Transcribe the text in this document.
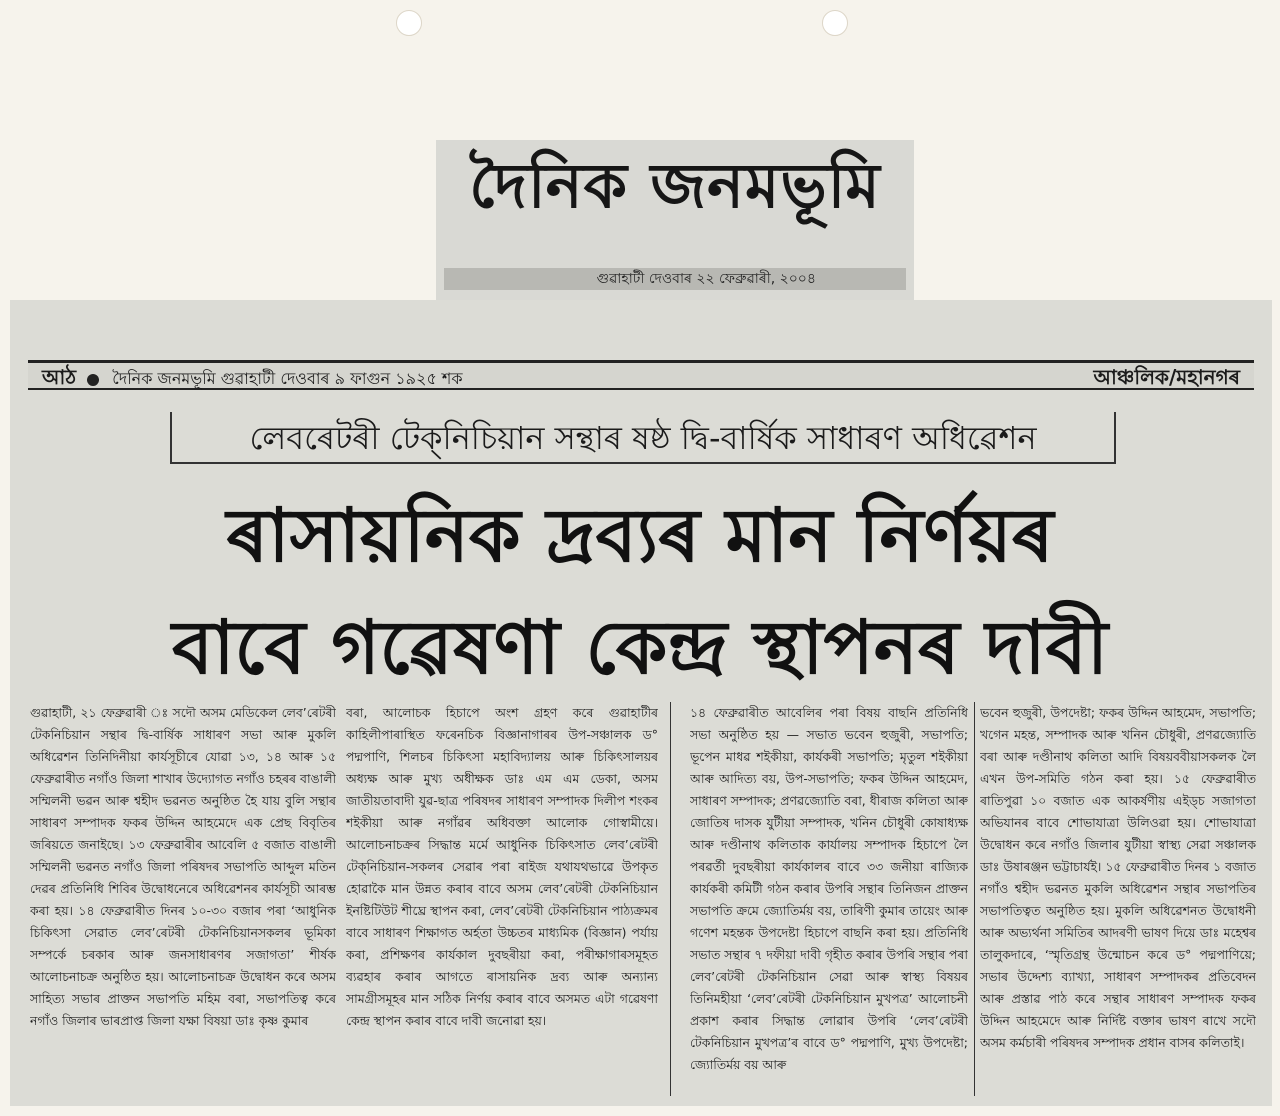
দৈনিক জনমভূমি
গুৱাহাটী দেওবাৰ ২২ ফেব্ৰুৱাৰী, ২০০৪
আঠ দৈনিক জনমভূমি গুৱাহাটী দেওবাৰ ৯ ফাগুন ১৯২৫ শক	আঞ্চলিক/মহানগৰ
লেবৰেটৰী টেক্‌নিচিয়ান সন্থাৰ ষষ্ঠ দ্বি-বাৰ্ষিক সাধাৰণ অধিৱেশন
ৰাসায়নিক দ্ৰব্যৰ মান নিৰ্ণয়ৰ
বাবে গৱেষণা কেন্দ্ৰ স্থাপনৰ দাবী
গুৱাহাটী, ২১ ফেব্ৰুৱাৰী ঃ সদৌ অসম মেডিকেল লেব’ৰেটৰী টেকনিচিয়ান সন্থাৰ দ্বি-বাৰ্ষিক সাধাৰণ সভা আৰু মুকলি অধিৱেশন তিনিদিনীয়া কাৰ্যসূচীৰে যোৱা ১৩, ১৪ আৰু ১৫ ফেব্ৰুৱাৰীত নগাঁও জিলা শাখাৰ উদ্যোগত নগাঁও চহৰৰ বাঙালী সম্মিলনী ভৱন আৰু শ্বহীদ ভৱনত অনুষ্ঠিত হৈ যায় বুলি সন্থাৰ সাধাৰণ সম্পাদক ফকৰ উদ্দিন আহমেদে এক প্ৰেছ বিবৃতিৰ জৰিয়তে জনাইছে। ১৩ ফেব্ৰুৱাৰীৰ আবেলি ৫ বজাত বাঙালী সম্মিলনী ভৱনত নগাঁও জিলা পৰিষদৰ সভাপতি আব্দুল মতিন দেৱৰ প্ৰতিনিধি শিবিৰ উদ্বোধনেৰে অধিৱেশনৰ কাৰ্যসূচী আৰম্ভ কৰা হয়। ১৪ ফেব্ৰুৱাৰীত দিনৰ ১০-৩০ বজাৰ পৰা ‘আধুনিক চিকিৎসা সেৱাত লেব’ৰেটৰী টেকনিচিয়ানসকলৰ ভূমিকা সম্পৰ্কে চৰকাৰ আৰু জনসাধাৰণৰ সজাগতা’ শীৰ্ষক আলোচনাচক্ৰ অনুষ্ঠিত হয়। আলোচনাচক্ৰ উদ্বোধন কৰে অসম সাহিত্য সভাৰ প্ৰাক্তন সভাপতি মহিম বৰা, সভাপতিত্ব কৰে নগাঁও জিলাৰ ভাৰপ্ৰাপ্ত জিলা যক্ষা বিষয়া ডাঃ কৃষ্ণ কুমাৰ
বৰা, আলোচক হিচাপে অংশ গ্ৰহণ কৰে গুৱাহাটীৰ কাহিলীপাৰাস্থিত ফৰেনচিক বিজ্ঞানাগাৰৰ উপ-সঞ্চালক ড° পদ্মপাণি, শিলচৰ চিকিৎসা মহাবিদ্যালয় আৰু চিকিৎসালয়ৰ অধ্যক্ষ আৰু মুখ্য অধীক্ষক ডাঃ এম এম ডেকা, অসম জাতীয়তাবাদী যুৱ-ছাত্ৰ পৰিষদৰ সাধাৰণ সম্পাদক দিলীপ শংকৰ শইকীয়া আৰু নগাঁৱৰ অধিবক্তা আলোক গোস্বামীয়ে। আলোচনাচক্ৰৰ সিদ্ধান্ত মৰ্মে আধুনিক চিকিৎসাত লেব’ৰেটৰী টেক্‌নিচিয়ান-সকলৰ সেৱাৰ পৰা ৰাইজ যথাযথভাৱে উপকৃত হোৱাকৈ মান উন্নত কৰাৰ বাবে অসম লেব’ৰেটৰী টেকনিচিয়ান ইনষ্টিটিউট শীঘ্ৰে স্থাপন কৰা, লেব’ৰেটৰী টেকনিচিয়ান পাঠ্যক্ৰমৰ বাবে সাধাৰণ শিক্ষাগত অৰ্হতা উচ্চতৰ মাধ্যমিক (বিজ্ঞান) পৰ্যায় কৰা, প্ৰশিক্ষণৰ কাৰ্যকাল দুবছৰীয়া কৰা, পৰীক্ষাগাৰসমূহত ব্যৱহাৰ কৰাৰ আগতে ৰাসায়নিক দ্ৰব্য আৰু অন্যান্য সামগ্ৰীসমূহৰ মান সঠিক নিৰ্ণয় কৰাৰ বাবে অসমত এটা গৱেষণা কেন্দ্ৰ স্থাপন কৰাৰ বাবে দাবী জনোৱা হয়।
১৪ ফেব্ৰুৱাৰীত আবেলিৰ পৰা বিষয় বাছনি প্ৰতিনিধি সভা অনুষ্ঠিত হয় — সভাত ভবেন হুজুৰী, সভাপতি; ভূপেন মাধৱ শইকীয়া, কাৰ্যকৰী সভাপতি; মৃতুল শইকীয়া আৰু আদিত্য বয়, উপ-সভাপতি; ফকৰ উদ্দিন আহমেদ, সাধাৰণ সম্পাদক; প্ৰণৱজ্যোতি বৰা, ধীৰাজ কলিতা আৰু জোতিষ দাসক যুটীয়া সম্পাদক, খনিন চৌধুৰী কোষাধ্যক্ষ আৰু দণ্ডীনাথ কলিতাক কাৰ্যালয় সম্পাদক হিচাপে লৈ পৰৱৰ্তী দুবছৰীয়া কাৰ্যকালৰ বাবে ৩৩ জনীয়া ৰাজ্যিক কাৰ্যকৰী কমিটী গঠন কৰাৰ উপৰি সন্থাৰ তিনিজন প্ৰাক্তন সভাপতি ক্ৰমে জ্যোতিৰ্ময় বয়, তাৰিণী কুমাৰ তায়েং আৰু গণেশ মহন্তক উপদেষ্টা হিচাপে বাছনি কৰা হয়। প্ৰতিনিধি সভাত সন্থাৰ ৭ দফীয়া দাবী গৃহীত কৰাৰ উপৰি সন্থাৰ পৰা লেব’ৰেটৰী টেকনিচিয়ান সেৱা আৰু স্বাস্থ্য বিষয়ৰ তিনিমহীয়া ‘লেব’ৰেটৰী টেকনিচিয়ান মুখপত্ৰ’ আলোচনী প্ৰকাশ কৰাৰ সিদ্ধান্ত লোৱাৰ উপৰি ‘লেব’ৰেটৰী টেকনিচিয়ান মুখপত্ৰ’ৰ বাবে ড° পদ্মপাণি, মুখ্য উপদেষ্টা; জ্যোতিৰ্ময় বয় আৰু
ভবেন হুজুৰী, উপদেষ্টা; ফকৰ উদ্দিন আহমেদ, সভাপতি; খগেন মহন্ত, সম্পাদক আৰু খনিন চৌধুৰী, প্ৰণৱজ্যোতি বৰা আৰু দণ্ডীনাথ কলিতা আদি বিষয়ববীয়াসকলক লৈ এখন উপ-সমিতি গঠন কৰা হয়। ১৫ ফেব্ৰুৱাৰীত ৰাতিপুৱা ১০ বজাত এক আকৰ্ষণীয় এইড্‌চ সজাগতা অভিযানৰ বাবে শোভাযাত্ৰা উলিওৱা হয়। শোভাযাত্ৰা উদ্বোধন কৰে নগাঁও জিলাৰ যুটীয়া স্বাস্থ্য সেৱা সঞ্চালক ডাঃ উষাৰঞ্জন ভট্টাচাৰ্যই। ১৫ ফেব্ৰুৱাৰীত দিনৰ ১ বজাত নগাঁও শ্বহীদ ভৱনত মুকলি অধিৱেশন সন্থাৰ সভাপতিৰ সভাপতিত্বত অনুষ্ঠিত হয়। মুকলি অধিৱেশনত উদ্বোধনী আৰু অভ্যৰ্থনা সমিতিৰ আদৰণী ভাষণ দিয়ে ডাঃ মহেশ্বৰ তালুকদাৰে, ‘স্মৃতিগ্ৰন্থ উন্মোচন কৰে ড° পদ্মপাণিয়ে; সভাৰ উদ্দেশ্য ব্যাখ্যা, সাধাৰণ সম্পাদকৰ প্ৰতিবেদন আৰু প্ৰস্তাৱ পাঠ কৰে সন্থাৰ সাধাৰণ সম্পাদক ফকৰ উদ্দিন আহমেদে আৰু নিৰ্দিষ্ট বক্তাৰ ভাষণ ৰাখে সদৌ অসম কৰ্মচাৰী পৰিষদৰ সম্পাদক প্ৰধান বাসৰ কলিতাই।
